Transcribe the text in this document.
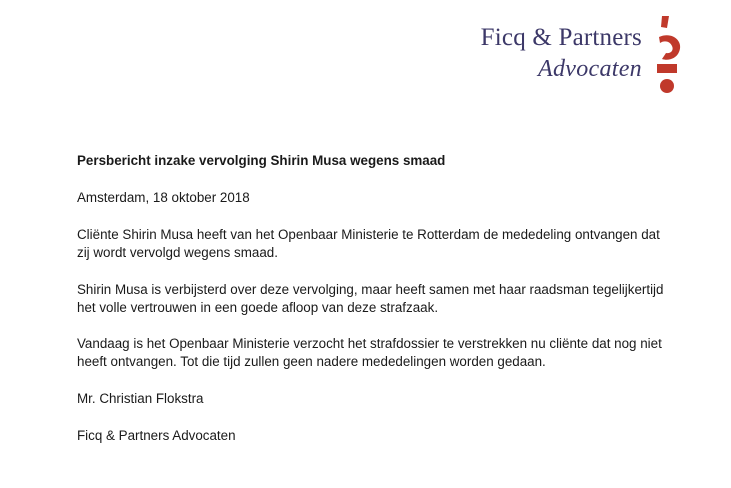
Ficq & Partners
Advocaten

Persbericht inzake vervolging Shirin Musa wegens smaad

Amsterdam, 18 oktober 2018

Cliënte Shirin Musa heeft van het Openbaar Ministerie te Rotterdam de mededeling ontvangen dat

zij wordt vervolgd wegens smaad.

Shirin Musa is verbijsterd over deze vervolging, maar heeft samen met haar raadsman tegelijkertijd

het volle vertrouwen in een goede afloop van deze strafzaak.

Vandaag is het Openbaar Ministerie verzocht het strafdossier te verstrekken nu cliënte dat nog niet

heeft ontvangen. Tot die tijd zullen geen nadere mededelingen worden gedaan.

Mr. Christian Flokstra

Ficq & Partners Advocaten
